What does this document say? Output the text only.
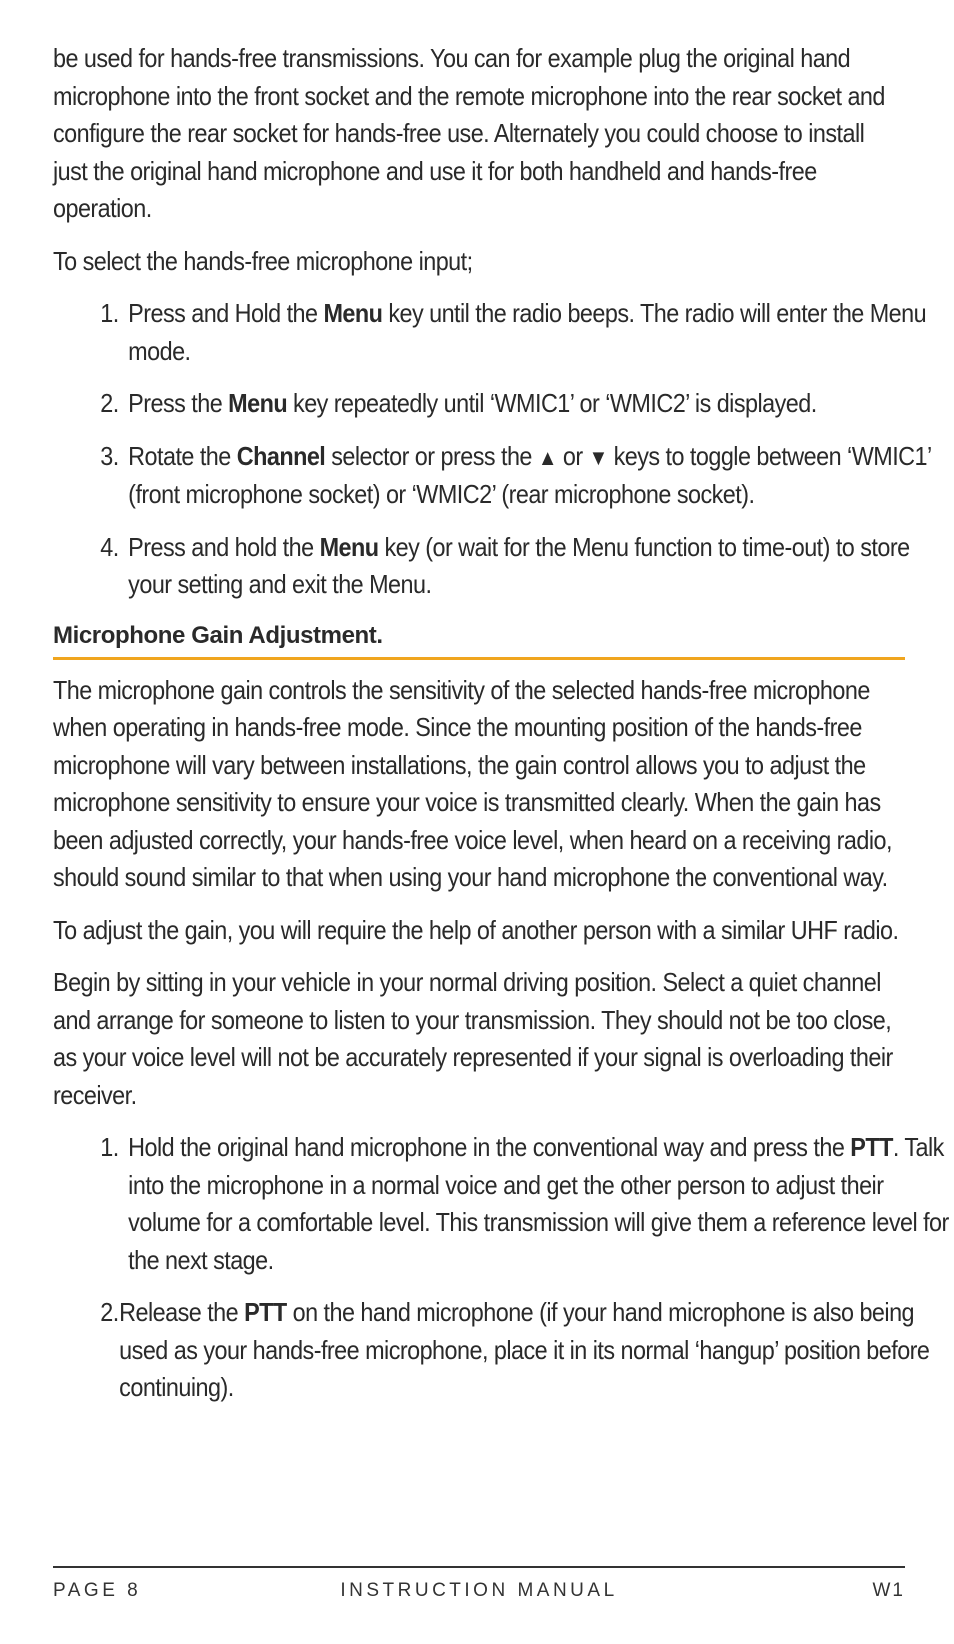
be used for hands-free transmissions. You can for example plug the original hand microphone into the front socket and the remote microphone into the rear socket and configure the rear socket for hands-free use. Alternately you could choose to install just the original hand microphone and use it for both handheld and hands-free operation.

To select the hands-free microphone input;

1. Press and Hold the Menu key until the radio beeps. The radio will enter the Menu mode.
2. Press the Menu key repeatedly until ‘WMIC1’ or ‘WMIC2’ is displayed.
3. Rotate the Channel selector or press the ▲ or ▼ keys to toggle between ‘WMIC1’ (front microphone socket) or ‘WMIC2’ (rear microphone socket).
4. Press and hold the Menu key (or wait for the Menu function to time-out) to store your setting and exit the Menu.
Microphone Gain Adjustment.

The microphone gain controls the sensitivity of the selected hands-free microphone when operating in hands-free mode. Since the mounting position of the hands-free microphone will vary between installations, the gain control allows you to adjust the microphone sensitivity to ensure your voice is transmitted clearly. When the gain has been adjusted correctly, your hands-free voice level, when heard on a receiving radio, should sound similar to that when using your hand microphone the conventional way.

To adjust the gain, you will require the help of another person with a similar UHF radio.

Begin by sitting in your vehicle in your normal driving position. Select a quiet channel and arrange for someone to listen to your transmission. They should not be too close, as your voice level will not be accurately represented if your signal is overloading their receiver.

1. Hold the original hand microphone in the conventional way and press the PTT. Talk into the microphone in a normal voice and get the other person to adjust their volume for a comfortable level. This transmission will give them a reference level for the next stage.
2. Release the PTT on the hand microphone (if your hand microphone is also being used as your hands-free microphone, place it in its normal ‘hangup’ position before continuing).
PAGE 8	INSTRUCTION MANUAL	W1
